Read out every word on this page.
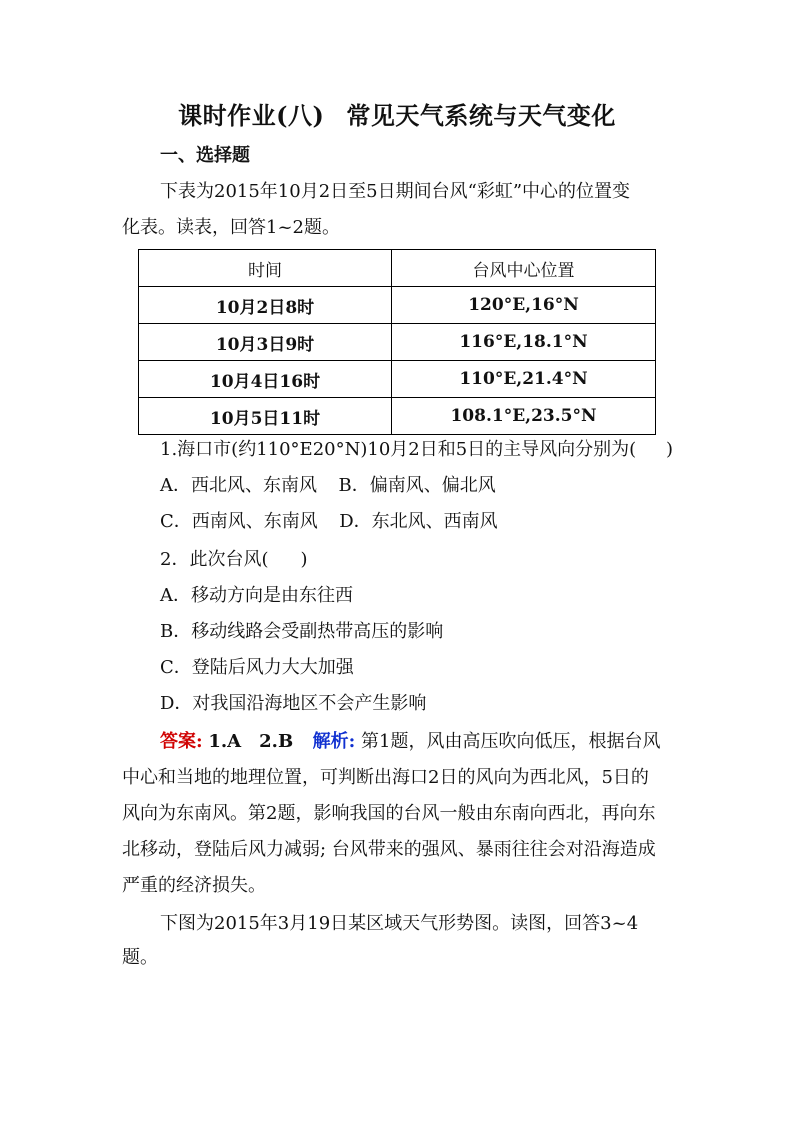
课时作业(八) 常见天气系统与天气变化
一、选择题
下表为2015年10月2日至5日期间台风“彩虹”中心的位置变
化表。读表，回答1~2题。
时间	台风中心位置
10月2日8时	120°E,16°N
10月3日9时	116°E,18.1°N
10月4日16时	110°E,21.4°N
10月5日11时	108.1°E,23.5°N
1.海口市(约110°E20°N)10月2日和5日的主导风向分别为( )
A．西北风、东南风 B．偏南风、偏北风
C．西南风、东南风 D．东北风、西南风
2．此次台风( )
A．移动方向是由东往西
B．移动线路会受副热带高压的影响
C．登陆后风力大大加强
D．对我国沿海地区不会产生影响
答案: 1.A　2.B 解析: 第1题，风由高压吹向低压，根据台风
中心和当地的地理位置，可判断出海口2日的风向为西北风，5日的
风向为东南风。第2题，影响我国的台风一般由东南向西北，再向东
北移动，登陆后风力减弱; 台风带来的强风、暴雨往往会对沿海造成
严重的经济损失。
下图为2015年3月19日某区域天气形势图。读图，回答3~4
题。
